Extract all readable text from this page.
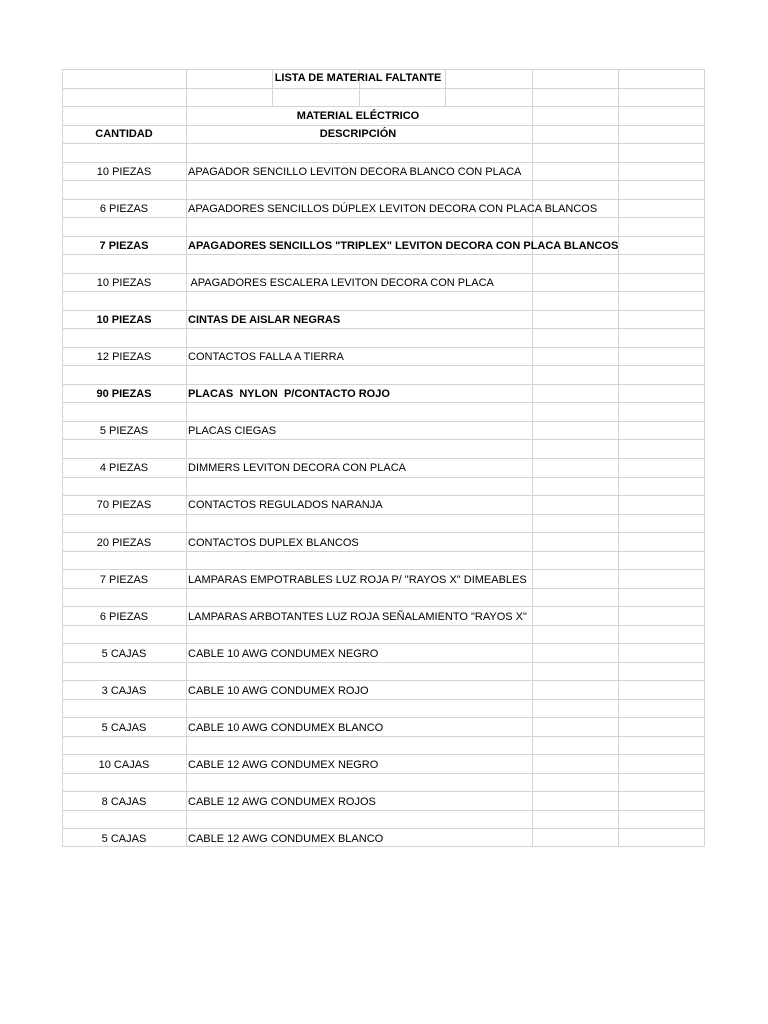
LISTA DE MATERIAL FALTANTE
MATERIAL ELÉCTRICO
CANTIDAD	DESCRIPCIÓN
10 PIEZAS	APAGADOR SENCILLO LEVITON DECORA BLANCO CON PLACA
6 PIEZAS	APAGADORES SENCILLOS DÚPLEX LEVITON DECORA CON PLACA BLANCOS
7 PIEZAS	APAGADORES SENCILLOS "TRIPLEX" LEVITON DECORA CON PLACA BLANCOS
10 PIEZAS	APAGADORES ESCALERA LEVITON DECORA CON PLACA
10 PIEZAS	CINTAS DE AISLAR NEGRAS
12 PIEZAS	CONTACTOS FALLA A TIERRA
90 PIEZAS	PLACAS  NYLON  P/CONTACTO ROJO
5 PIEZAS	PLACAS CIEGAS
4 PIEZAS	DIMMERS LEVITON DECORA CON PLACA
70 PIEZAS	CONTACTOS REGULADOS NARANJA
20 PIEZAS	CONTACTOS DUPLEX BLANCOS
7 PIEZAS	LAMPARAS EMPOTRABLES LUZ ROJA P/ "RAYOS X" DIMEABLES
6 PIEZAS	LAMPARAS ARBOTANTES LUZ ROJA SEÑALAMIENTO "RAYOS X"
5 CAJAS	CABLE 10 AWG CONDUMEX NEGRO
3 CAJAS	CABLE 10 AWG CONDUMEX ROJO
5 CAJAS	CABLE 10 AWG CONDUMEX BLANCO
10 CAJAS	CABLE 12 AWG CONDUMEX NEGRO
8 CAJAS	CABLE 12 AWG CONDUMEX ROJOS
5 CAJAS	CABLE 12 AWG CONDUMEX BLANCO
